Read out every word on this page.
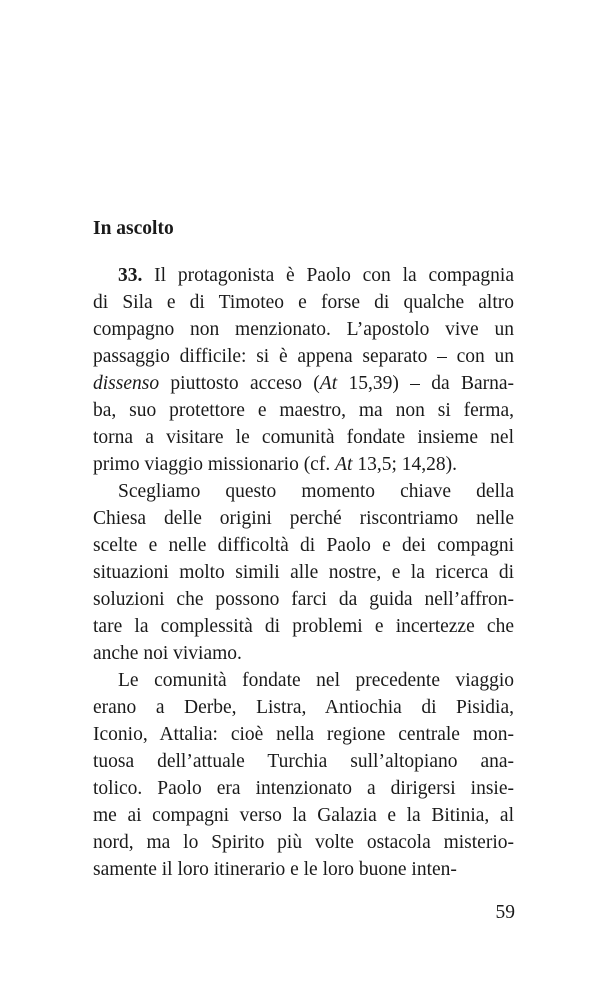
In ascolto
33. Il protagonista è Paolo con la compagnia
di Sila e di Timoteo e forse di qualche altro
compagno non menzionato. L’apostolo vive un
passaggio difficile: si è appena separato – con un
dissenso piuttosto acceso (At 15,39) – da Barna-
ba, suo protettore e maestro, ma non si ferma,
torna a visitare le comunità fondate insieme nel
primo viaggio missionario (cf. At 13,5; 14,28).
Scegliamo questo momento chiave della
Chiesa delle origini perché riscontriamo nelle
scelte e nelle difficoltà di Paolo e dei compagni
situazioni molto simili alle nostre, e la ricerca di
soluzioni che possono farci da guida nell’affron-
tare la complessità di problemi e incertezze che
anche noi viviamo.
Le comunità fondate nel precedente viaggio
erano a Derbe, Listra, Antiochia di Pisidia,
Iconio, Attalia: cioè nella regione centrale mon-
tuosa dell’attuale Turchia sull’altopiano ana-
tolico. Paolo era intenzionato a dirigersi insie-
me ai compagni verso la Galazia e la Bitinia, al
nord, ma lo Spirito più volte ostacola misterio-
samente il loro itinerario e le loro buone inten-
59
